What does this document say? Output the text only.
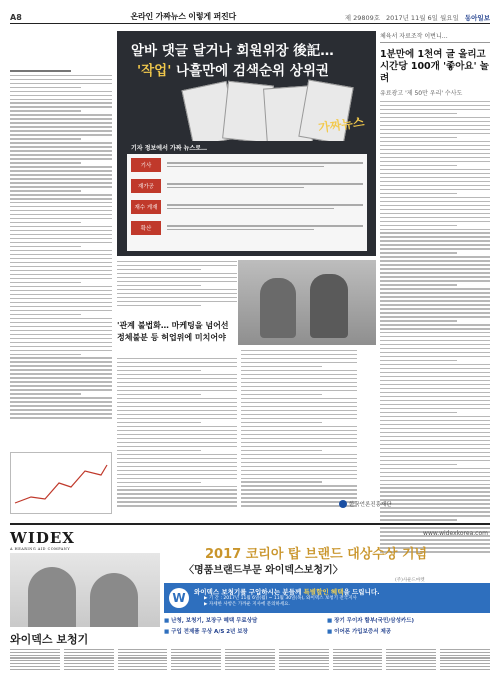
A8	온라인 가짜뉴스 이렇게 퍼진다	제 29809호 2017년 11월 6일 월요일 동아일보
알바 댓글 달거나 회원위장 後記…
'작업' 나흘만에 검색순위 상위권
가짜뉴스
기자 정보에서 가짜 뉴스로…
기사
재가공
재수 게재
확산
체육서 자료조작 이번니…
1분만에 1천여 글 올리고 시간당 100개 '좋아요' 놀려
유료광고 '제 50만 우리' 수사도
'관계 불법화… 마케팅을 넘어선 정체불분 등 허업위에 미치어야
한국언론진흥재단
WIDEX
A HEARING AID COMPANY
www.widexkorea.com
2017 코리아 탑 브랜드 대상수상 기념
〈명품브랜드부문 와이덱스보청기〉
(주)사운드마켓
W	와이덱스 보청기를 구입하시는 분들께 특별할인 혜택을 드립니다.
▶ 기 간 : 2017년 11월 6일(월) ~ 11월 30일(목), 와이덱스 보청기 전국지사
▶ 자세한 사항은 가까운 지사에 문의하세요.
■ 난청, 보청기, 보장구 혜택 무료상담	■ 장기 무이자 할부(국민/삼성카드)
■ 구입 전제품 무상 A/S 2년 보장	■ 이어폰 가입보증서 제공
와이덱스 보청기
